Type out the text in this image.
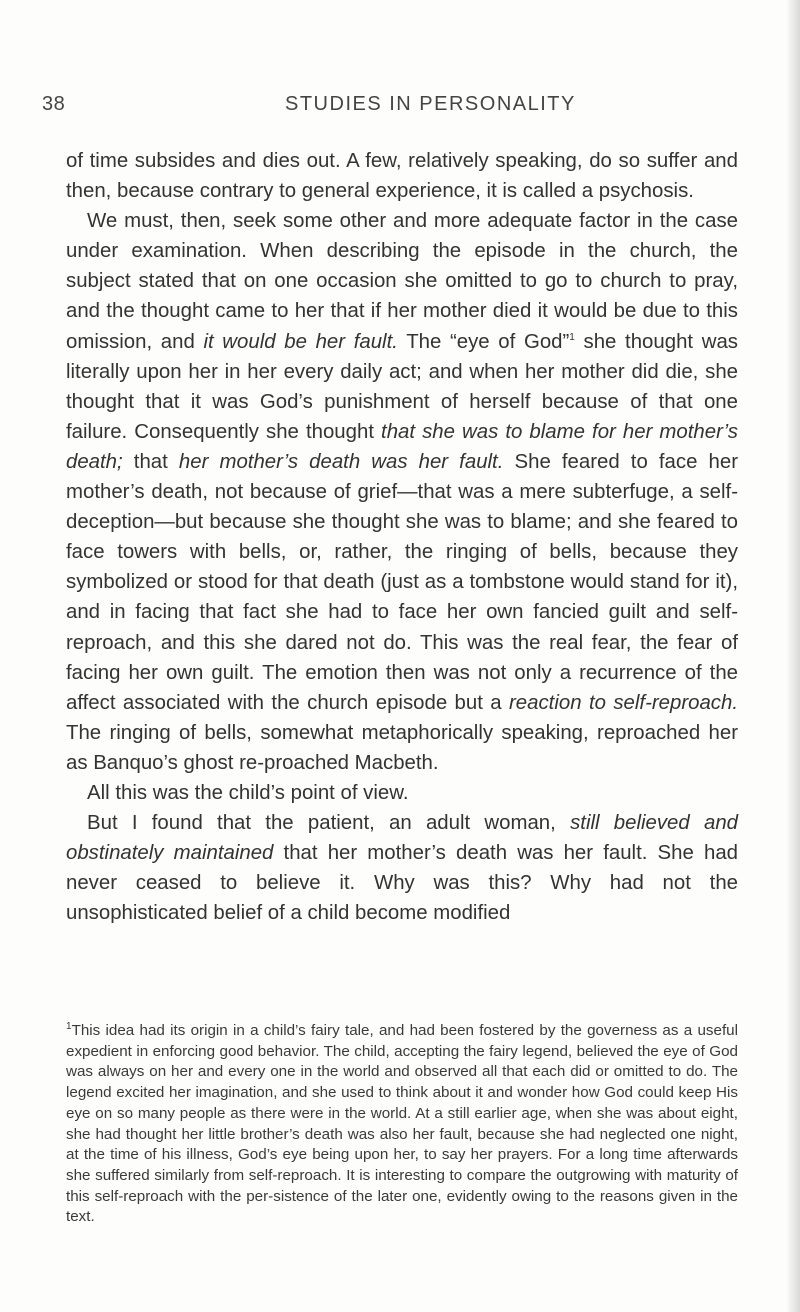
38	STUDIES IN PERSONALITY

of time subsides and dies out. A few, relatively speaking, do so suffer and then, because contrary to general experience, it is called a psychosis.

We must, then, seek some other and more adequate factor in the case under examination. When describing the episode in the church, the subject stated that on one occasion she omitted to go to church to pray, and the thought came to her that if her mother died it would be due to this omission, and it would be her fault. The “eye of God”$^1$ she thought was literally upon her in her every daily act; and when her mother did die, she thought that it was God’s punishment of herself because of that one failure. Consequently she thought that she was to blame for her mother’s death; that her mother’s death was her fault. She feared to face her mother’s death, not because of grief—that was a mere subterfuge, a self-deception—but because she thought she was to blame; and she feared to face towers with bells, or, rather, the ringing of bells, because they symbolized or stood for that death (just as a tombstone would stand for it), and in facing that fact she had to face her own fancied guilt and self-reproach, and this she dared not do. This was the real fear, the fear of facing her own guilt. The emotion then was not only a recurrence of the affect associated with the church episode but a reaction to self-reproach. The ringing of bells, somewhat metaphorically speaking, reproached her as Banquo’s ghost re-proached Macbeth.

All this was the child’s point of view.

But I found that the patient, an adult woman, still believed and obstinately maintained that her mother’s death was her fault. She had never ceased to believe it. Why was this? Why had not the unsophisticated belief of a child become modified

$^1$This idea had its origin in a child’s fairy tale, and had been fostered by the governess as a useful expedient in enforcing good behavior. The child, accepting the fairy legend, believed the eye of God was always on her and every one in the world and observed all that each did or omitted to do. The legend excited her imagination, and she used to think about it and wonder how God could keep His eye on so many people as there were in the world. At a still earlier age, when she was about eight, she had thought her little brother’s death was also her fault, because she had neglected one night, at the time of his illness, God’s eye being upon her, to say her prayers. For a long time afterwards she suffered similarly from self-reproach. It is interesting to compare the outgrowing with maturity of this self-reproach with the per-sistence of the later one, evidently owing to the reasons given in the text.
